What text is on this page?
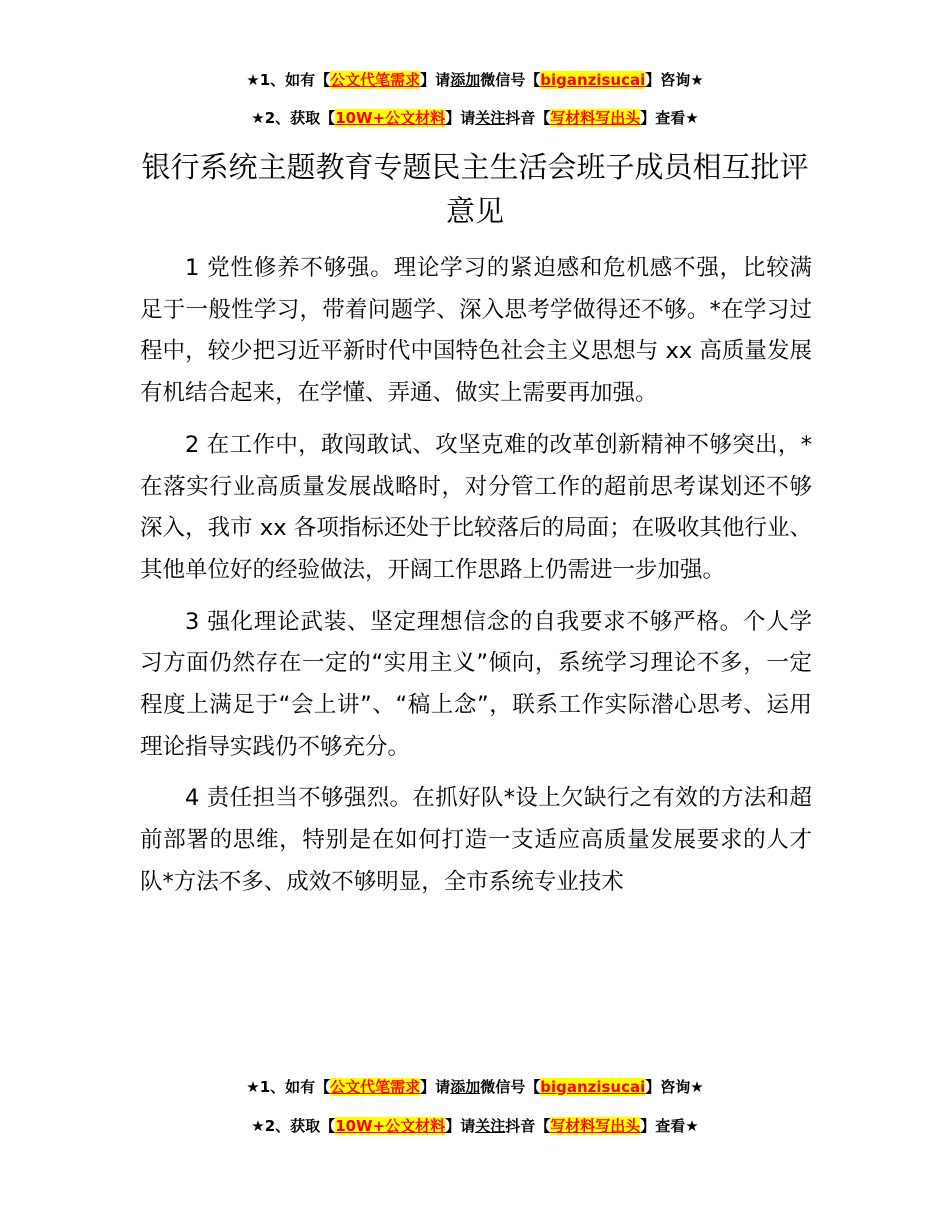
★1、如有【公文代笔需求】请添加微信号【biganzisucai】咨询★
★2、获取【10W+公文材料】请关注抖音【写材料写出头】查看★
银行系统主题教育专题民主生活会班子成员相互批评意见

1 党性修养不够强。理论学习的紧迫感和危机感不强，比较满足于一般性学习，带着问题学、深入思考学做得还不够。*在学习过程中，较少把习近平新时代中国特色社会主义思想与 xx 高质量发展有机结合起来，在学懂、弄通、做实上需要再加强。

2 在工作中，敢闯敢试、攻坚克难的改革创新精神不够突出，*在落实行业高质量发展战略时，对分管工作的超前思考谋划还不够深入，我市 xx 各项指标还处于比较落后的局面；在吸收其他行业、其他单位好的经验做法，开阔工作思路上仍需进一步加强。

3 强化理论武装、坚定理想信念的自我要求不够严格。个人学习方面仍然存在一定的“实用主义”倾向，系统学习理论不多，一定程度上满足于“会上讲”、“稿上念”，联系工作实际潜心思考、运用理论指导实践仍不够充分。

4 责任担当不够强烈。在抓好队*设上欠缺行之有效的方法和超前部署的思维，特别是在如何打造一支适应高质量发展要求的人才队*方法不多、成效不够明显，全市系统专业技术

★1、如有【公文代笔需求】请添加微信号【biganzisucai】咨询★
★2、获取【10W+公文材料】请关注抖音【写材料写出头】查看★
